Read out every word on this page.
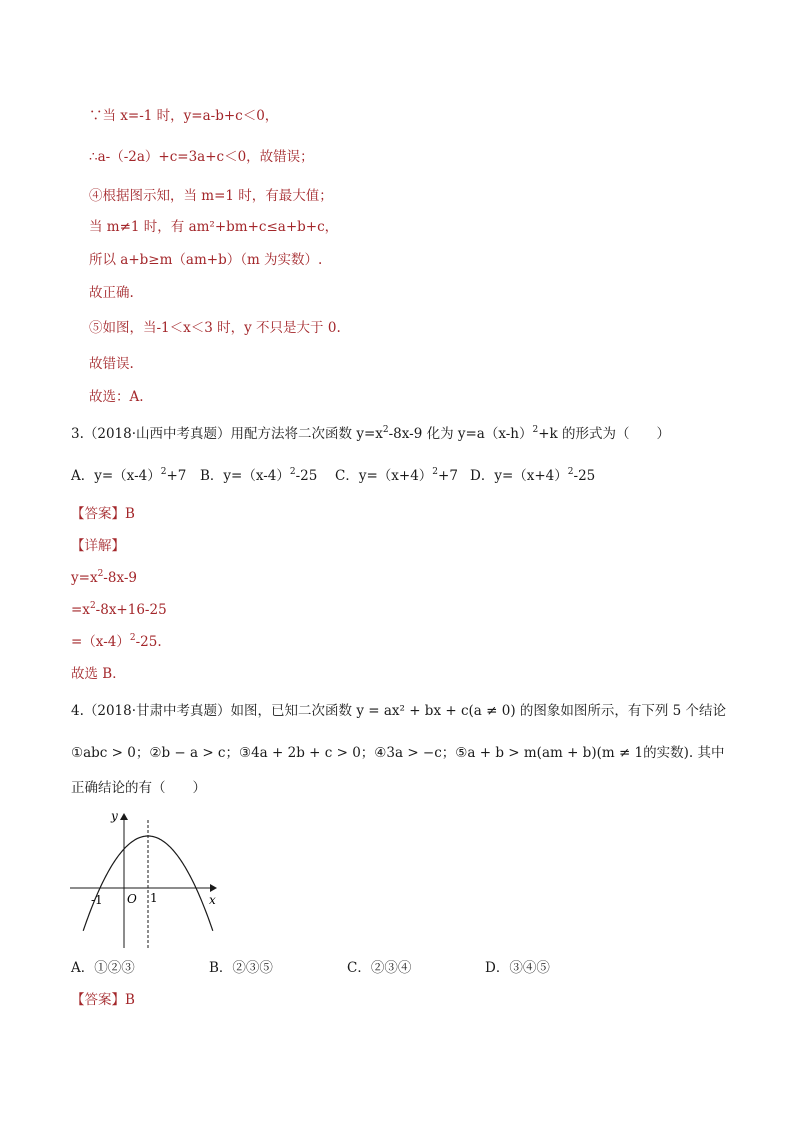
∵当 x=-1 时，y=a-b+c＜0，
∴a-（-2a）+c=3a+c＜0，故错误；
④根据图示知，当 m=1 时，有最大值；
当 m≠1 时，有 am²+bm+c≤a+b+c，
所以 a+b≥m（am+b）（m 为实数）.
故正确.
⑤如图，当-1＜x＜3 时，y 不只是大于 0.
故错误.
故选：A.
3.（2018·山西中考真题）用配方法将二次函数 $y=x^2-8x-9$ 化为 $y=a(x-h)^2+k$ 的形式为（　　）
A．$y=(x-4)^2+7$ B．$y=(x-4)^2-25$ C．$y=(x+4)^2+7$ D．$y=(x+4)^2-25$
【答案】B
【详解】
$y=x^2-8x-9$
$=x^2-8x+16-25$
$=(x-4)^2-25$.
故选 B．
4.（2018·甘肃中考真题）如图，已知二次函数 y = ax² + bx + c(a ≠ 0) 的图象如图所示，有下列 5 个结论
①abc > 0；②b − a > c；③4a + 2b + c > 0；④3a > −c；⑤a + b > m(am + b)(m ≠ 1的实数). 其中
正确结论的有（　　）
y
x
O
-1	1
A．①②③	B．②③⑤	C．②③④	D．③④⑤
【答案】B
